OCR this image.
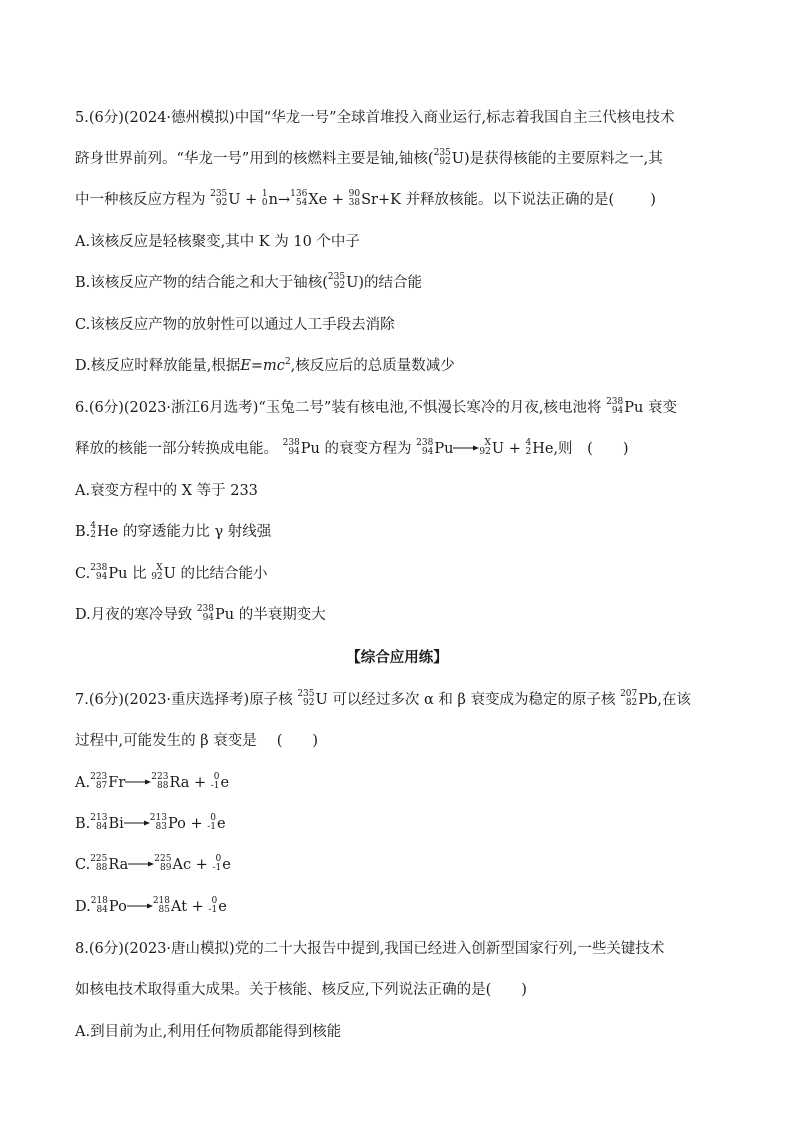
5.(6分)(2024·德州模拟)中国“华龙一号”全球首堆投入商业运行,标志着我国自主三代核电技术
跻身世界前列。“华龙一号”用到的核燃料主要是铀,铀核( 235
92 U)是获得核能的主要原料之一,其
中一种核反应方程为 235
92 U + 1
0 n→ 136
54 Xe + 90
38 Sr+K 并释放核能。以下说法正确的是( )
A.该核反应是轻核聚变,其中 K 为 10 个中子
B.该核反应产物的结合能之和大于铀核( 235
92 U)的结合能
C.该核反应产物的放射性可以通过人工手段去消除
D.核反应时释放能量,根据$E=mc^2$,核反应后的总质量数减少
6.(6分)(2023·浙江6月选考)“玉兔二号”装有核电池,不惧漫长寒冷的月夜,核电池将 238
94 Pu 衰变
释放的核能一部分转换成电能。 238
94 Pu 的衰变方程为 238
94 Pu	X
92 U + 4
2 He,则 ( )
A.衰变方程中的 X 等于 233
B. 4
2 He 的穿透能力比 γ 射线强
C. 238
94 Pu 比 X
92 U 的比结合能小
D.月夜的寒冷导致 238
94 Pu 的半衰期变大
【综合应用练】
7.(6分)(2023·重庆选择考)原子核 235
92 U 可以经过多次 α 和 β 衰变成为稳定的原子核 207
82 Pb,在该
过程中,可能发生的 β 衰变是 ( )
A. 223
87 Fr	223
88 Ra + 0
-1 e
B. 213
84 Bi	213
83 Po + 0
-1 e
C. 225
88 Ra	225
89 Ac + 0
-1 e
D. 218
84 Po	218
85 At + 0
-1 e
8.(6分)(2023·唐山模拟)党的二十大报告中提到,我国已经进入创新型国家行列,一些关键技术
如核电技术取得重大成果。关于核能、核反应,下列说法正确的是( )
A.到目前为止,利用任何物质都能得到核能
